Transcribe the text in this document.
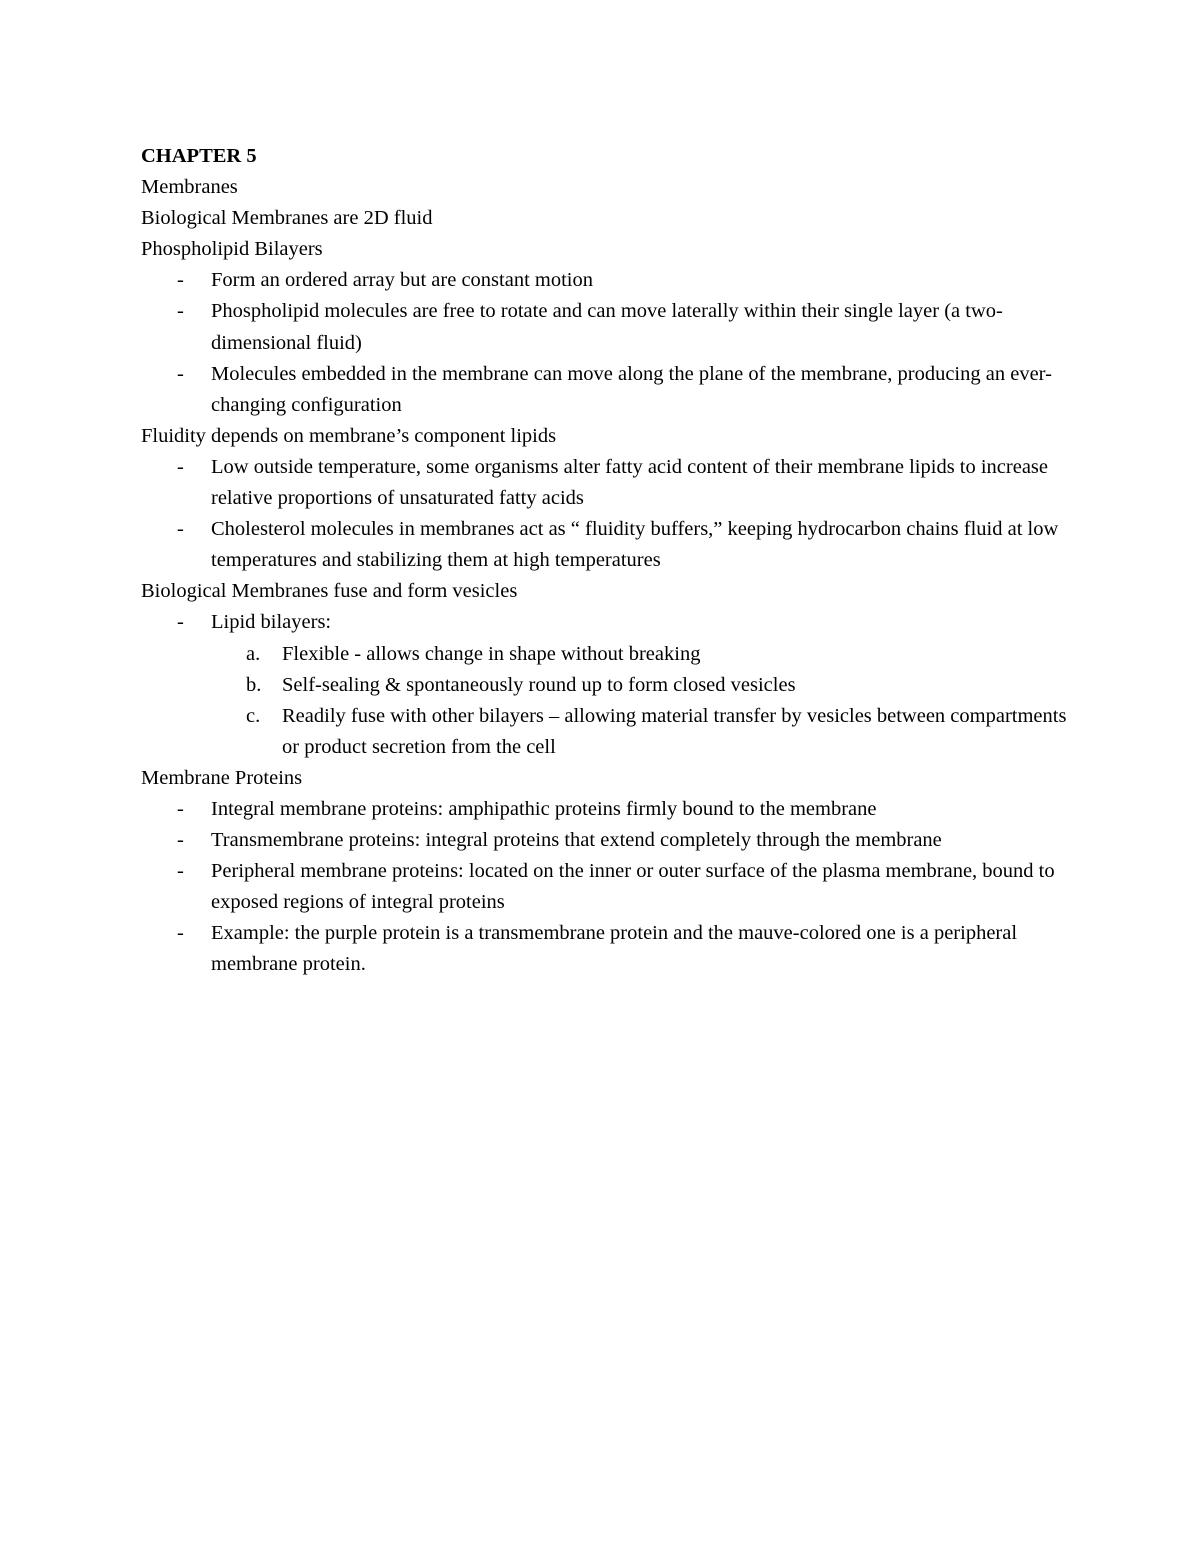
CHAPTER 5
Membranes
Biological Membranes are 2D fluid
Phospholipid Bilayers
- Form an ordered array but are constant motion
- Phospholipid molecules are free to rotate and can move laterally within their single layer (a two-dimensional fluid)
- Molecules embedded in the membrane can move along the plane of the membrane, producing an ever-changing configuration
Fluidity depends on membrane’s component lipids
- Low outside temperature, some organisms alter fatty acid content of their membrane lipids to increase relative proportions of unsaturated fatty acids
- Cholesterol molecules in membranes act as “ fluidity buffers,” keeping hydrocarbon chains fluid at low temperatures and stabilizing them at high temperatures
Biological Membranes fuse and form vesicles
- Lipid bilayers:
a. Flexible - allows change in shape without breaking
b. Self-sealing & spontaneously round up to form closed vesicles
c. Readily fuse with other bilayers – allowing material transfer by vesicles between compartments or product secretion from the cell
Membrane Proteins
- Integral membrane proteins: amphipathic proteins firmly bound to the membrane
- Transmembrane proteins: integral proteins that extend completely through the membrane
- Peripheral membrane proteins: located on the inner or outer surface of the plasma membrane, bound to exposed regions of integral proteins
- Example: the purple protein is a transmembrane protein and the mauve-colored one is a peripheral membrane protein.
